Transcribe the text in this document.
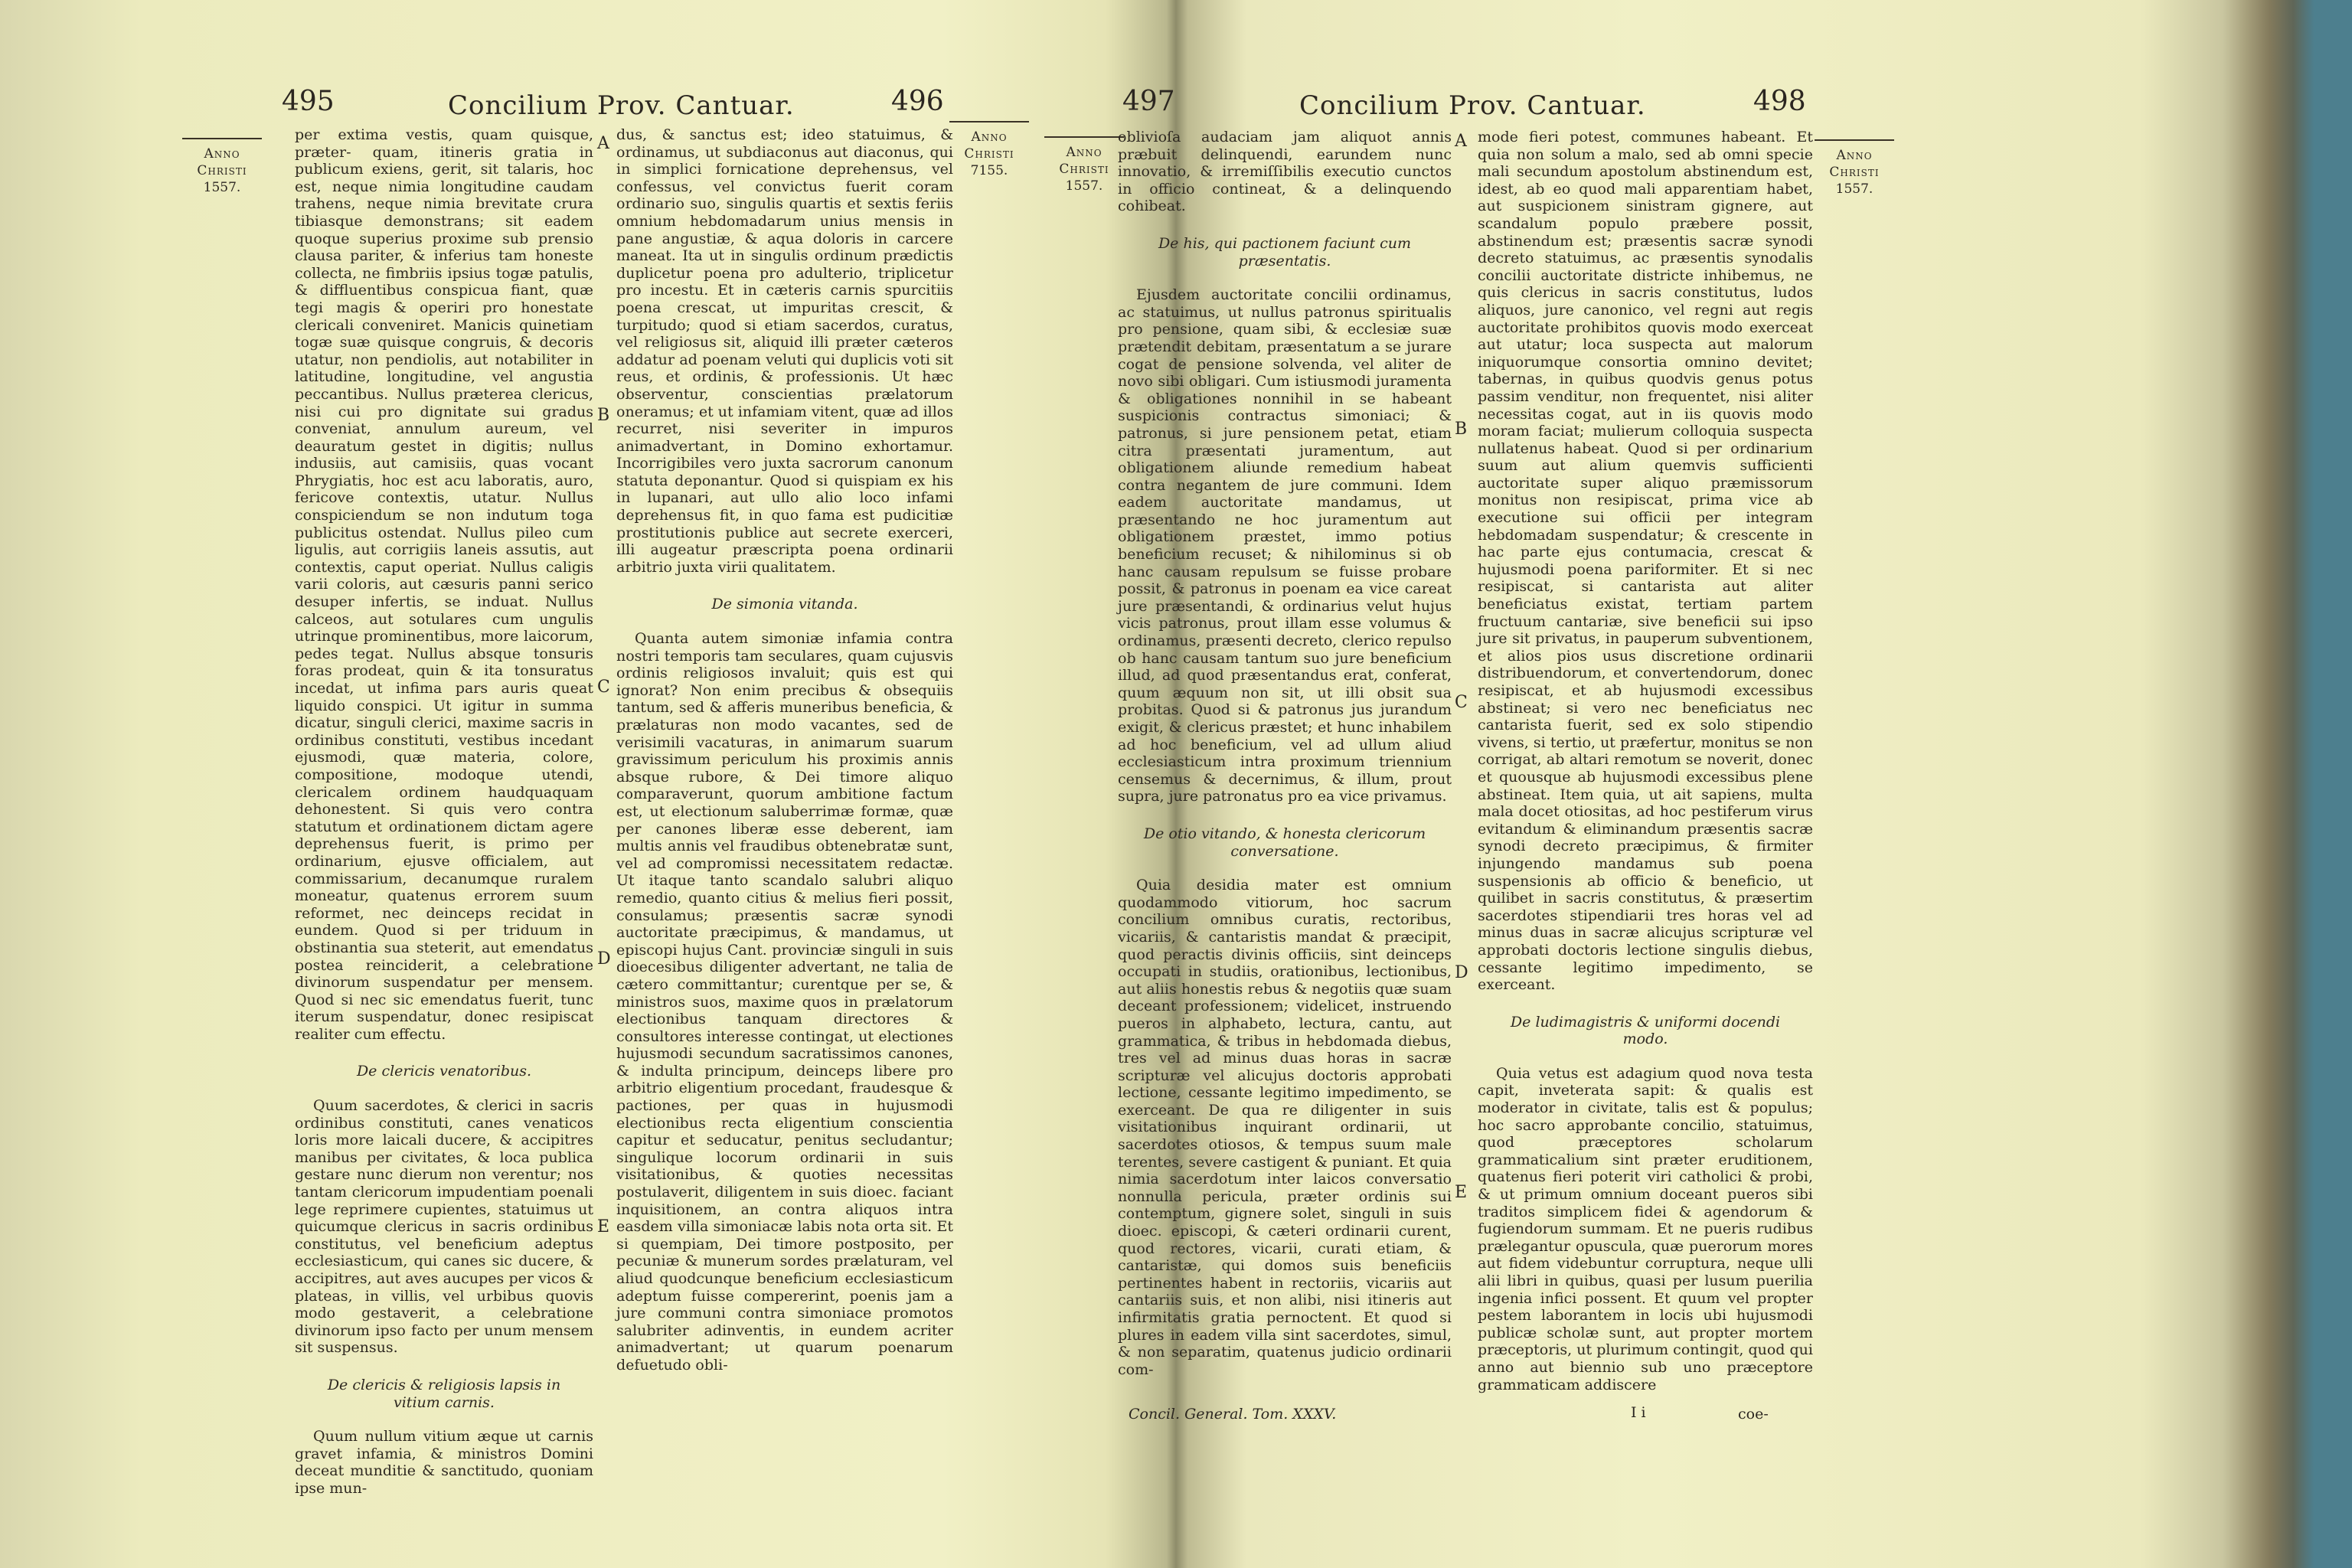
495	Concilium Prov. Cantuar.	496
Anno
Christi
1557.
Anno
Christi
7155.
A
B
C
D
E

per extima vestis, quam quisque, præter- quam, itineris gratia in publicum exiens, gerit, sit talaris, hoc est, neque nimia longitudine caudam trahens, neque nimia brevitate crura tibiasque demonstrans; sit eadem quoque superius proxime sub prensio clausa pariter, & inferius tam honeste collecta, ne fimbriis ipsius togæ patulis, & diffluentibus conspicua fiant, quæ tegi magis & operiri pro honestate clericali conveniret. Manicis quinetiam togæ suæ quisque congruis, & decoris utatur, non pendiolis, aut notabiliter in latitudine, longitudine, vel angustia peccantibus. Nullus præterea clericus, nisi cui pro dignitate sui gradus conveniat, annulum aureum, vel deauratum gestet in digitis; nullus indusiis, aut camisiis, quas vocant Phrygiatis, hoc est acu laboratis, auro, fericove contextis, utatur. Nullus conspiciendum se non indutum toga publicitus ostendat. Nullus pileo cum ligulis, aut corrigiis laneis assutis, aut contextis, caput operiat. Nullus caligis varii coloris, aut cæsuris panni serico desuper infertis, se induat. Nullus calceos, aut sotulares cum ungulis utrinque prominentibus, more laicorum, pedes tegat. Nullus absque tonsuris foras prodeat, quin & ita tonsuratus incedat, ut infima pars auris queat liquido conspici. Ut igitur in summa dicatur, singuli clerici, maxime sacris in ordinibus constituti, vestibus incedant ejusmodi, quæ materia, colore, compositione, modoque utendi, clericalem ordinem haudquaquam dehonestent. Si quis vero contra statutum et ordinationem dictam agere deprehensus fuerit, is primo per ordinarium, ejusve officialem, aut commissarium, decanumque ruralem moneatur, quatenus errorem suum reformet, nec deinceps recidat in eundem. Quod si per triduum in obstinantia sua steterit, aut emendatus postea reinciderit, a celebratione divinorum suspendatur per mensem. Quod si nec sic emendatus fuerit, tunc iterum suspendatur, donec resipiscat realiter cum effectu.

De clericis venatoribus.

Quum sacerdotes, & clerici in sacris ordinibus constituti, canes venaticos loris more laicali ducere, & accipitres manibus per civitates, & loca publica gestare nunc dierum non verentur; nos tantam clericorum impudentiam poenali lege reprimere cupientes, statuimus ut quicumque clericus in sacris ordinibus constitutus, vel beneficium adeptus ecclesiasticum, qui canes sic ducere, & accipitres, aut aves aucupes per vicos & plateas, in villis, vel urbibus quovis modo gestaverit, a celebratione divinorum ipso facto per unum mensem sit suspensus.

De clericis & religiosis lapsis in vitium carnis.

Quum nullum vitium æque ut carnis gravet infamia, & ministros Domini deceat munditie & sanctitudo, quoniam ipse mun-

dus, & sanctus est; ideo statuimus, & ordinamus, ut subdiaconus aut diaconus, qui in simplici fornicatione deprehensus, vel confessus, vel convictus fuerit coram ordinario suo, singulis quartis et sextis feriis omnium hebdomadarum unius mensis in pane angustiæ, & aqua doloris in carcere maneat. Ita ut in singulis ordinum prædictis duplicetur poena pro adulterio, triplicetur pro incestu. Et in cæteris carnis spurcitiis poena crescat, ut impuritas crescit, & turpitudo; quod si etiam sacerdos, curatus, vel religiosus sit, aliquid illi præter cæteros addatur ad poenam veluti qui duplicis voti sit reus, et ordinis, & professionis. Ut hæc observentur, conscientias prælatorum oneramus; et ut infamiam vitent, quæ ad illos recurret, nisi severiter in impuros animadvertant, in Domino exhortamur. Incorrigibiles vero juxta sacrorum canonum statuta deponantur. Quod si quispiam ex his in lupanari, aut ullo alio loco infami deprehensus fit, in quo fama est pudicitiæ prostitutionis publice aut secrete exerceri, illi augeatur præscripta poena ordinarii arbitrio juxta virii qualitatem.

De simonia vitanda.

Quanta autem simoniæ infamia contra nostri temporis tam seculares, quam cujusvis ordinis religiosos invaluit; quis est qui ignorat? Non enim precibus & obsequiis tantum, sed & afferis muneribus beneficia, & prælaturas non modo vacantes, sed de verisimili vacaturas, in animarum suarum gravissimum periculum his proximis annis absque rubore, & Dei timore aliquo comparaverunt, quorum ambitione factum est, ut electionum saluberrimæ formæ, quæ per canones liberæ esse deberent, iam multis annis vel fraudibus obtenebratæ sunt, vel ad compromissi necessitatem redactæ. Ut itaque tanto scandalo salubri aliquo remedio, quanto citius & melius fieri possit, consulamus; præsentis sacræ synodi auctoritate præcipimus, & mandamus, ut episcopi hujus Cant. provinciæ singuli in suis dioecesibus diligenter advertant, ne talia de cætero committantur; curentque per se, & ministros suos, maxime quos in prælatorum electionibus tanquam directores & consultores interesse contingat, ut electiones hujusmodi secundum sacratissimos canones, & indulta principum, deinceps libere pro arbitrio eligentium procedant, fraudesque & pactiones, per quas in hujusmodi electionibus recta eligentium conscientia capitur et seducatur, penitus secludantur; singulique locorum ordinarii in suis visitationibus, & quoties necessitas postulaverit, diligentem in suis dioec. faciant inquisitionem, an contra aliquos intra easdem villa simoniacæ labis nota orta sit. Et si quempiam, Dei timore postposito, per pecuniæ & munerum sordes prælaturam, vel aliud quodcunque beneficium ecclesiasticum adeptum fuisse compererint, poenis jam a jure communi contra simoniace promotos salubriter adinventis, in eundem acriter animadvertant; ut quarum poenarum defuetudo obli-

497	Concilium Prov. Cantuar.	498
Anno
Christi
1557.
Anno
Christi
1557.
A
B
C
D
E

oblivioſa audaciam jam aliquot annis præbuit delinquendi, earundem nunc innovatio, & irremiſſibilis executio cunctos in officio contineat, & a delinquendo cohibeat.

De his, qui pactionem faciunt cum præsentatis.

Ejusdem auctoritate concilii ordinamus, ac statuimus, ut nullus patronus spiritualis pro pensione, quam sibi, & ecclesiæ suæ prætendit debitam, præsentatum a se jurare cogat de pensione solvenda, vel aliter de novo sibi obligari. Cum istiusmodi juramenta & obligationes nonnihil in se habeant suspicionis contractus simoniaci; & patronus, si jure pensionem petat, etiam citra præsentati juramentum, aut obligationem aliunde remedium habeat contra negantem de jure communi. Idem eadem auctoritate mandamus, ut præsentando ne hoc juramentum aut obligationem præstet, immo potius beneficium recuset; & nihilominus si ob hanc causam repulsum se fuisse probare possit, & patronus in poenam ea vice careat jure præsentandi, & ordinarius velut hujus vicis patronus, prout illam esse volumus & ordinamus, præsenti decreto, clerico repulso ob hanc causam tantum suo jure beneficium illud, ad quod præsentandus erat, conferat, quum æquum non sit, ut illi obsit sua probitas. Quod si & patronus jus jurandum exigit, & clericus præstet; et hunc inhabilem ad hoc beneficium, vel ad ullum aliud ecclesiasticum intra proximum triennium censemus & decernimus, & illum, prout supra, jure patronatus pro ea vice privamus.

De otio vitando, & honesta clericorum conversatione.

Quia desidia mater est omnium quodammodo vitiorum, hoc sacrum concilium omnibus curatis, rectoribus, vicariis, & cantaristis mandat & præcipit, quod peractis divinis officiis, sint deinceps occupati in studiis, orationibus, lectionibus, aut aliis honestis rebus & negotiis quæ suam deceant professionem; videlicet, instruendo pueros in alphabeto, lectura, cantu, aut grammatica, & tribus in hebdomada diebus, tres vel ad minus duas horas in sacræ scripturæ vel alicujus doctoris approbati lectione, cessante legitimo impedimento, se exerceant. De qua re diligenter in suis visitationibus inquirant ordinarii, ut sacerdotes otiosos, & tempus suum male terentes, severe castigent & puniant. Et quia nimia sacerdotum inter laicos conversatio nonnulla pericula, præter ordinis sui contemptum, gignere solet, singuli in suis dioec. episcopi, & cæteri ordinarii curent, quod rectores, vicarii, curati etiam, & cantaristæ, qui domos suis beneficiis pertinentes habent in rectoriis, vicariis aut cantariis suis, et non alibi, nisi itineris aut infirmitatis gratia pernoctent. Et quod si plures in eadem villa sint sacerdotes, simul, & non separatim, quatenus judicio ordinarii com-

mode fieri potest, communes habeant. Et quia non solum a malo, sed ab omni specie mali secundum apostolum abstinendum est, idest, ab eo quod mali apparentiam habet, aut suspicionem sinistram gignere, aut scandalum populo præbere possit, abstinendum est; præsentis sacræ synodi decreto statuimus, ac præsentis synodalis concilii auctoritate districte inhibemus, ne quis clericus in sacris constitutus, ludos aliquos, jure canonico, vel regni aut regis auctoritate prohibitos quovis modo exerceat aut utatur; loca suspecta aut malorum iniquorumque consortia omnino devitet; tabernas, in quibus quodvis genus potus passim venditur, non frequentet, nisi aliter necessitas cogat, aut in iis quovis modo moram faciat; mulierum colloquia suspecta nullatenus habeat. Quod si per ordinarium suum aut alium quemvis sufficienti auctoritate super aliquo præmissorum monitus non resipiscat, prima vice ab executione sui officii per integram hebdomadam suspendatur; & crescente in hac parte ejus contumacia, crescat & hujusmodi poena pariformiter. Et si nec resipiscat, si cantarista aut aliter beneficiatus existat, tertiam partem fructuum cantariæ, sive beneficii sui ipso jure sit privatus, in pauperum subventionem, et alios pios usus discretione ordinarii distribuendorum, et convertendorum, donec resipiscat, et ab hujusmodi excessibus abstineat; si vero nec beneficiatus nec cantarista fuerit, sed ex solo stipendio vivens, si tertio, ut præfertur, monitus se non corrigat, ab altari remotum se noverit, donec et quousque ab hujusmodi excessibus plene abstineat. Item quia, ut ait sapiens, multa mala docet otiositas, ad hoc pestiferum virus evitandum & eliminandum præsentis sacræ synodi decreto præcipimus, & firmiter injungendo mandamus sub poena suspensionis ab officio & beneficio, ut quilibet in sacris constitutus, & præsertim sacerdotes stipendiarii tres horas vel ad minus duas in sacræ alicujus scripturæ vel approbati doctoris lectione singulis diebus, cessante legitimo impedimento, se exerceant.

De ludimagistris & uniformi docendi modo.

Quia vetus est adagium quod nova testa capit, inveterata sapit: & qualis est moderator in civitate, talis est & populus; hoc sacro approbante concilio, statuimus, quod præceptores scholarum grammaticalium sint præter eruditionem, quatenus fieri poterit viri catholici & probi, & ut primum omnium doceant pueros sibi traditos simplicem fidei & agendorum & fugiendorum summam. Et ne pueris rudibus prælegantur opuscula, quæ puerorum mores aut fidem videbuntur corruptura, neque ulli alii libri in quibus, quasi per lusum puerilia ingenia infici possent. Et quum vel propter pestem laborantem in locis ubi hujusmodi publicæ scholæ sunt, aut propter mortem præceptoris, ut plurimum contingit, quod qui anno aut biennio sub uno præceptore grammaticam addiscere

Concil. General. Tom. XXXV.	I i	coe-
